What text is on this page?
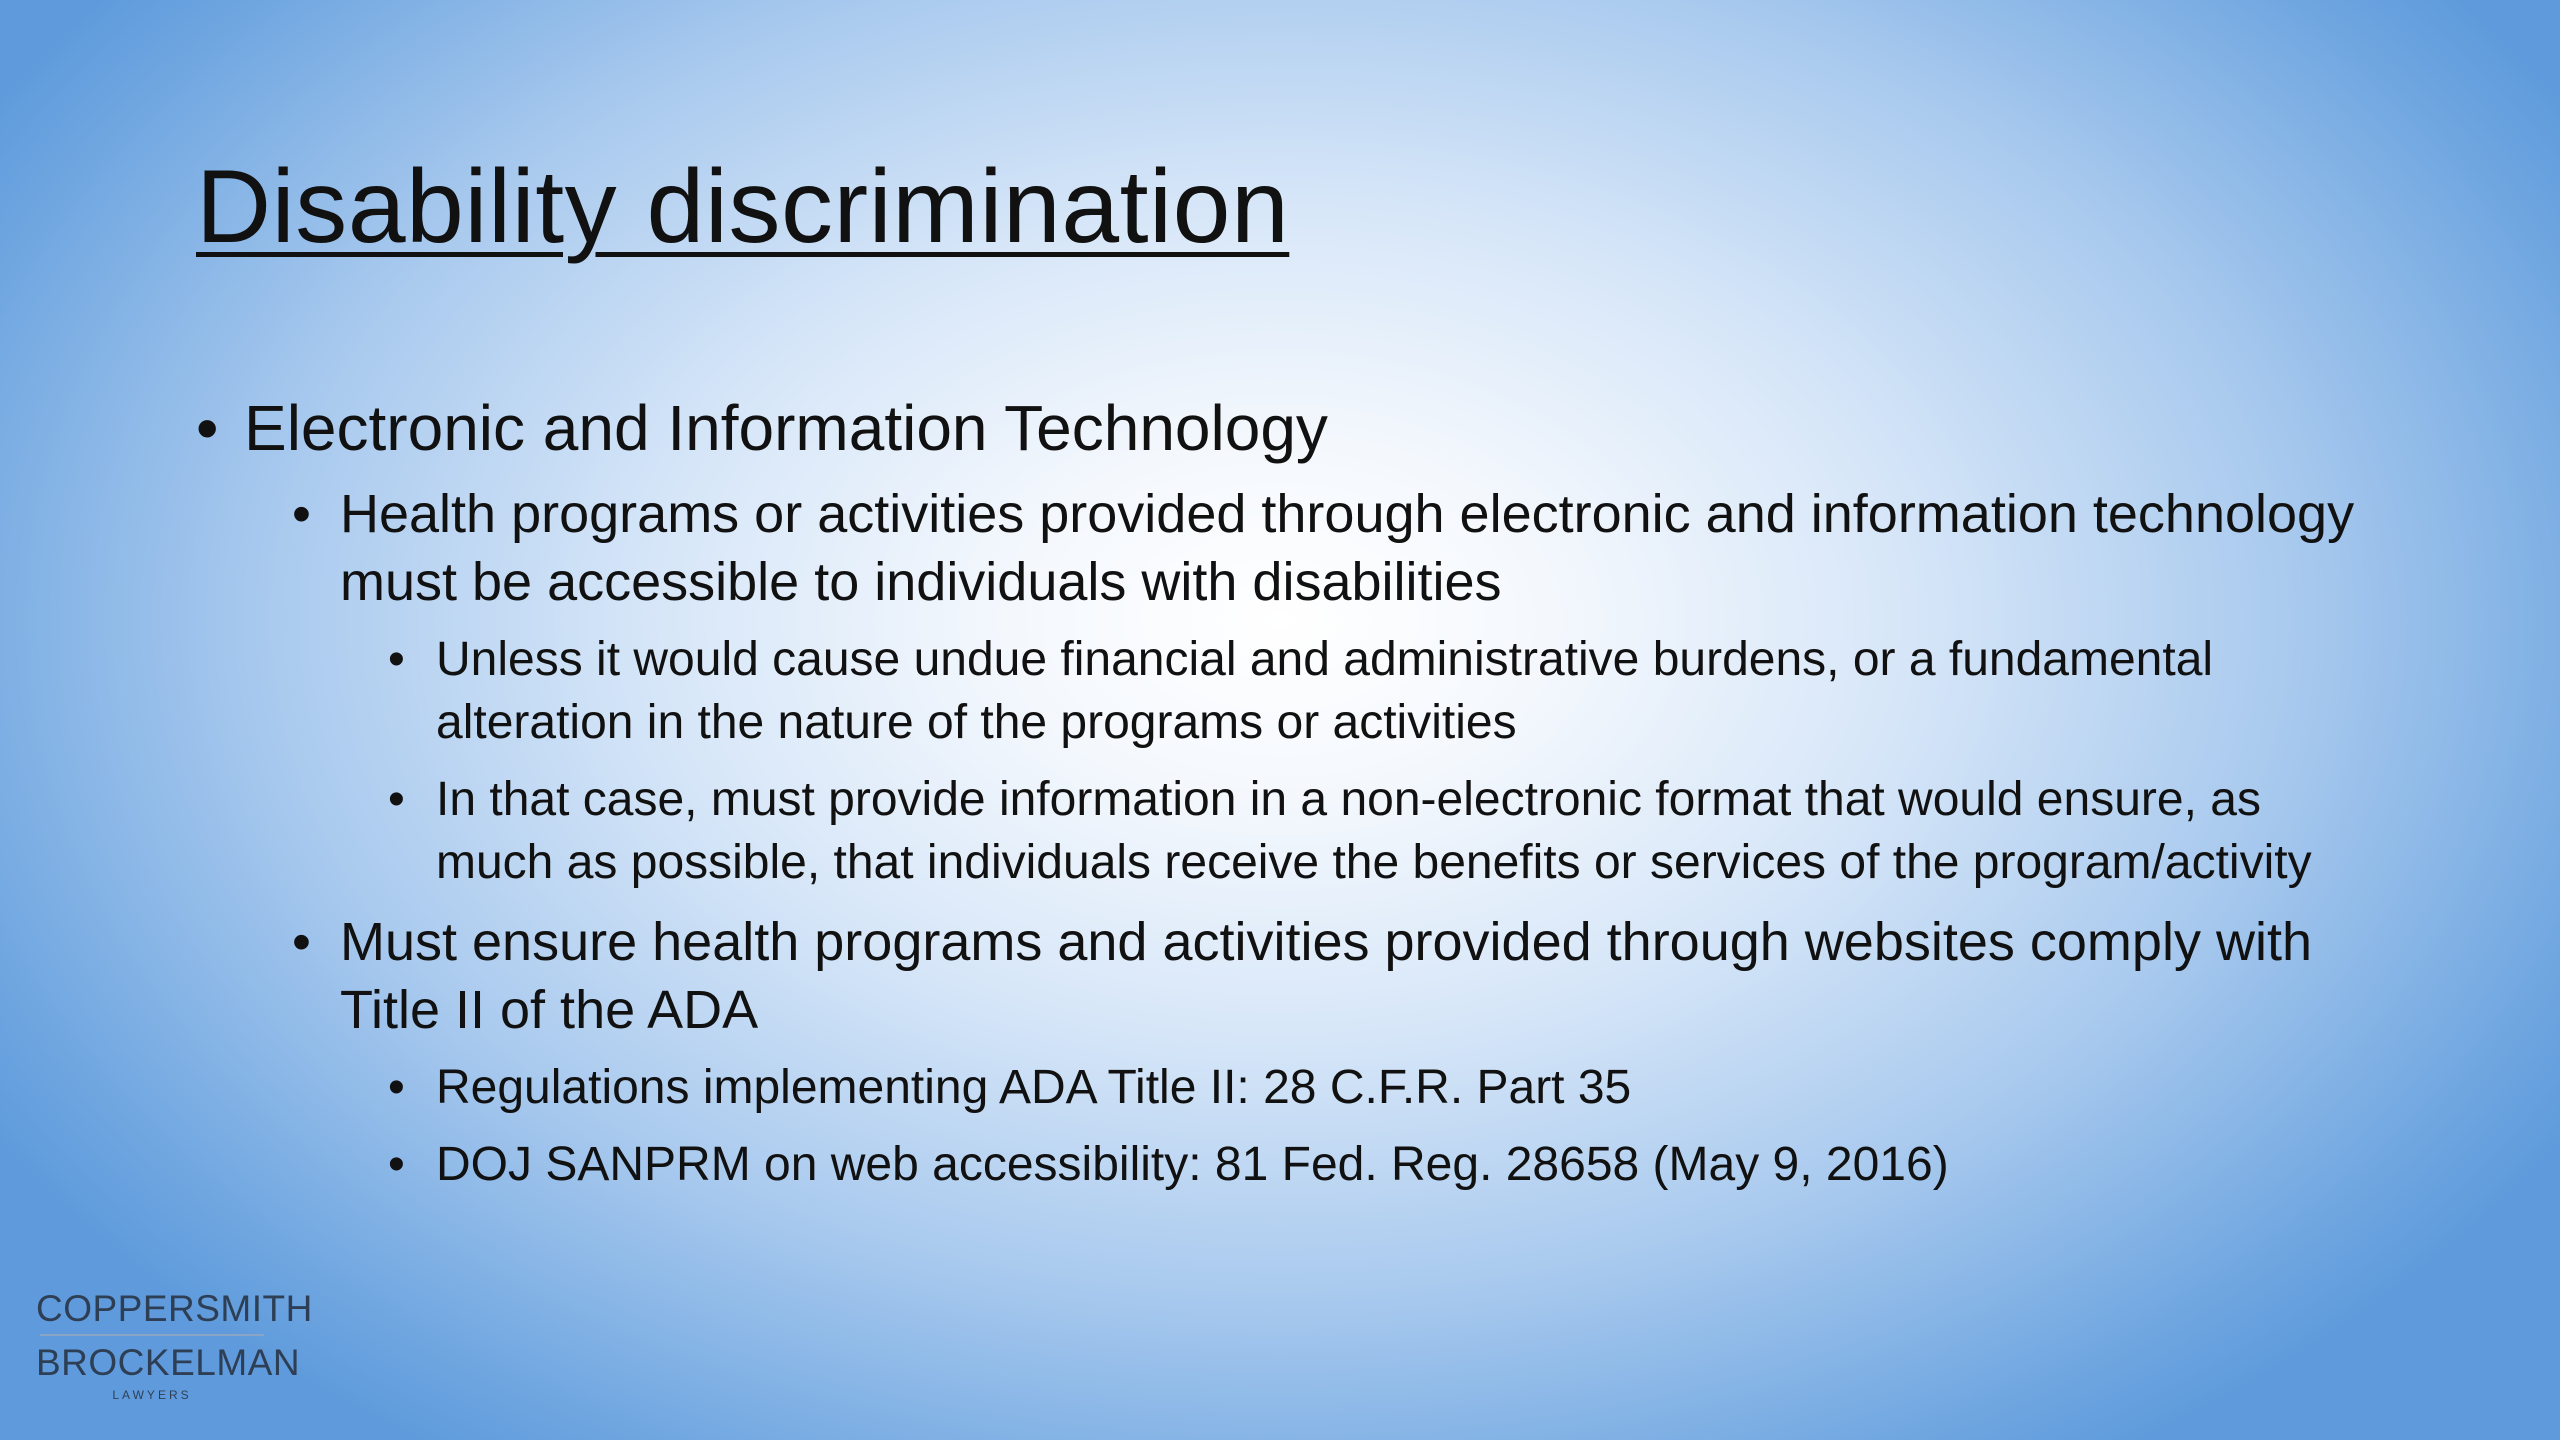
Disability discrimination
• Electronic and Information Technology
• Health programs or activities provided through electronic and information technology must be accessible to individuals with disabilities
• Unless it would cause undue financial and administrative burdens, or a fundamental alteration in the nature of the programs or activities
• In that case, must provide information in a non-electronic format that would ensure, as much as possible, that individuals receive the benefits or services of the program/activity
• Must ensure health programs and activities provided through websites comply with Title II of the ADA
• Regulations implementing ADA Title II: 28 C.F.R. Part 35
• DOJ SANPRM on web accessibility: 81 Fed. Reg. 28658 (May 9, 2016)
COPPERSMITH
BROCKELMAN
LAWYERS
